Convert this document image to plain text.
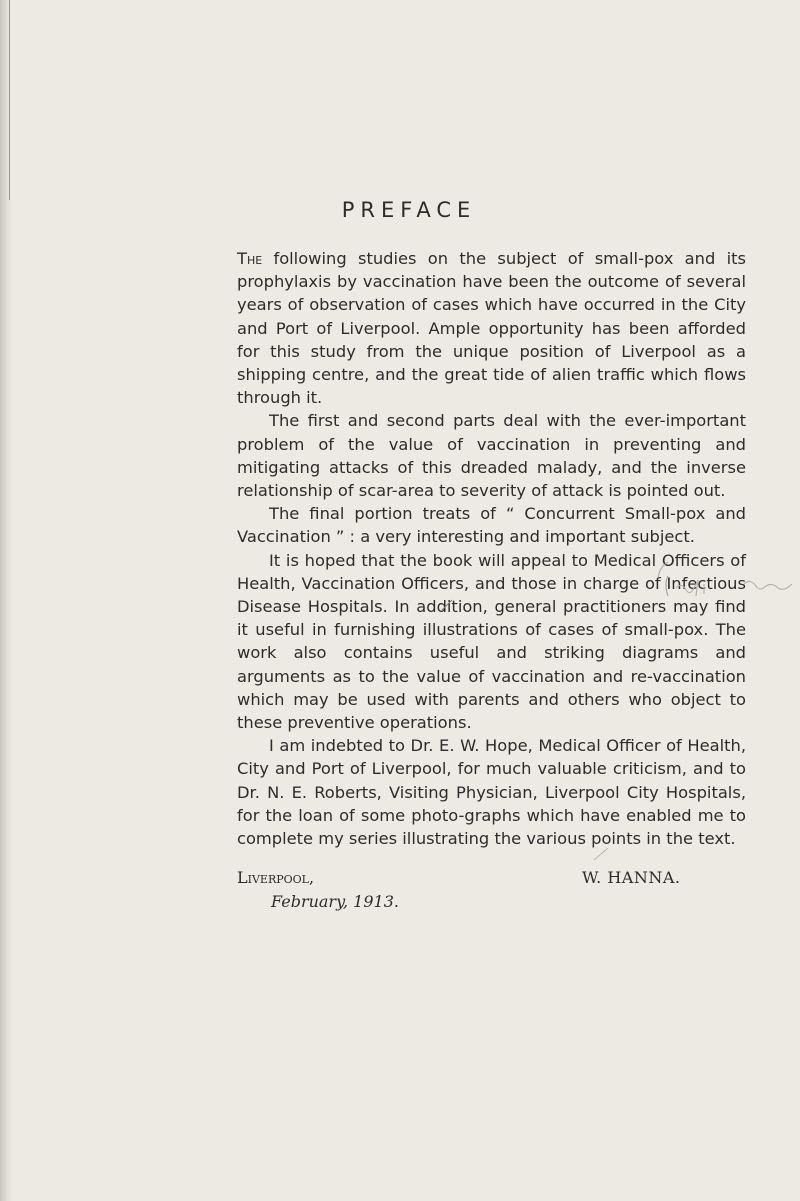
PREFACE

The following studies on the subject of small-pox and its prophylaxis by vaccination have been the outcome of several years of observation of cases which have occurred in the City and Port of Liverpool. Ample opportunity has been afforded for this study from the unique position of Liverpool as a shipping centre, and the great tide of alien traffic which flows through it.

The first and second parts deal with the ever-important problem of the value of vaccination in preventing and mitigating attacks of this dreaded malady, and the inverse relationship of scar-area to severity of attack is pointed out.

The final portion treats of “ Concurrent Small-pox and Vaccination ” : a very interesting and important subject.

It is hoped that the book will appeal to Medical Officers of Health, Vaccination Officers, and those in charge of Infectious Disease Hospitals. In addition, general practitioners may find it useful in furnishing illustrations of cases of small-pox. The work also contains useful and striking diagrams and arguments as to the value of vaccination and re-vaccination which may be used with parents and others who object to these preventive operations.

I am indebted to Dr. E. W. Hope, Medical Officer of Health, City and Port of Liverpool, for much valuable criticism, and to Dr. N. E. Roberts, Visiting Physician, Liverpool City Hospitals, for the loan of some photo-graphs which have enabled me to complete my series illustrating the various points in the text.

Liverpool,	W. HANNA.
February, 1913.
